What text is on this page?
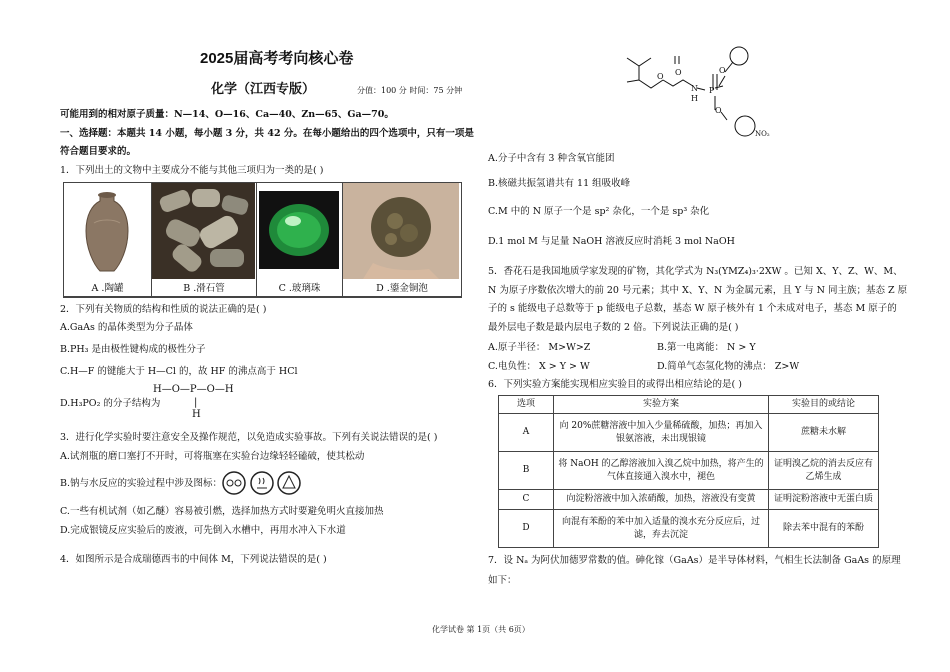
2025届高考考向核心卷
化学（江西专版）	分值：100 分 时间：75 分钟
可能用到的相对原子质量：N—14、O—16、Ca—40、Zn—65、Ga—70。
一、选择题：本题共 14 小题，每小题 3 分，共 42 分。在每小题给出的四个选项中，只有一项是
符合题目要求的。
1．下列出土的文物中主要成分不能与其他三项归为一类的是( )
A .陶罐	B .滑石管	C .玻璃珠	D .鎏金铜泡
2．下列有关物质的结构和性质的说法正确的是( )
A.GaAs 的晶体类型为分子晶体
B.PH₃ 是由极性键构成的极性分子
C.H—F 的键能大于 H—Cl 的，故 HF 的沸点高于 HCl
H—O—P—O—H
D.H₃PO₂ 的分子结构为	|
H
3．进行化学实验时要注意安全及操作规范，以免造成实验事故。下列有关说法错误的是( )
A.试剂瓶的磨口塞打不开时，可将瓶塞在实验台边缘轻轻磕破，使其松动
B.钠与水反应的实验过程中涉及图标：
C.一些有机试剂（如乙醚）容易被引燃，选择加热方式时要避免明火直接加热
D.完成银镜反应实验后的废液，可先倒入水槽中，再用水冲入下水道
4．如图所示是合成瑞德西韦的中间体 M，下列说法错误的是( )
O
O
N
H
P
O
O
NO₂
A.分子中含有 3 种含氧官能团
B.核磁共振氢谱共有 11 组吸收峰
C.M 中的 N 原子一个是 sp² 杂化，一个是 sp³ 杂化
D.1 mol M 与足量 NaOH 溶液反应时消耗 3 mol NaOH
5．香花石是我国地质学家发现的矿物，其化学式为 N₃(YMZ₄)₃·2XW 。已知 X、Y、Z、W、M、
N 为原子序数依次增大的前 20 号元素；其中 X、Y、N 为金属元素，且 Y 与 N 同主族；基态 Z 原
子的 s 能级电子总数等于 p 能级电子总数，基态 W 原子核外有 1 个未成对电子，基态 M 原子的
最外层电子数是最内层电子数的 2 倍。下列说法正确的是( )
A.原子半径： M>W>Z	B.第一电离能： N > Y
C.电负性： X > Y > W	D.简单气态氢化物的沸点： Z>W
6．下列实验方案能实现相应实验目的或得出相应结论的是( )
选项	实验方案	实验目的或结论
A	向 20%蔗糖溶液中加入少量稀硫酸，加热；再加入
银氨溶液，未出现银镜	蔗糖未水解
B	将 NaOH 的乙醇溶液加入溴乙烷中加热，将产生的
气体直接通入溴水中，褪色	证明溴乙烷的消去反应有
乙烯生成
C	向淀粉溶液中加入浓硝酸，加热，溶液没有变黄	证明淀粉溶液中无蛋白质
D	向混有苯酚的苯中加入适量的溴水充分反应后，过
滤，弃去沉淀	除去苯中混有的苯酚
7．设 Nₐ 为阿伏加德罗常数的值。砷化镓（GaAs）是半导体材料，气相生长法制备 GaAs 的原理
如下：
化学试卷 第 1页（共 6页）
